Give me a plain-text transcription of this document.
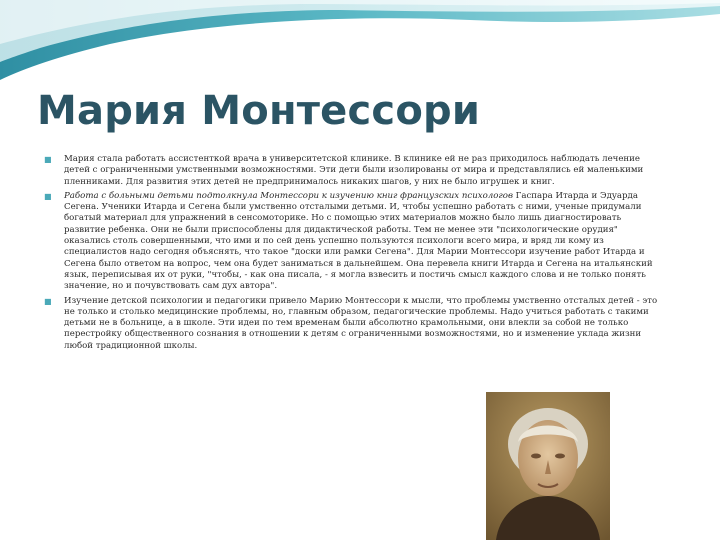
Мария Монтессори
■ Мария стала работать ассистенткой врача в университетской клинике. В клинике ей не раз приходилось наблюдать лечение детей с ограниченными умственными возможностями. Эти дети были изолированы от мира и представлялись ей маленькими пленниками. Для развития этих детей не предпринималось никаких шагов, у них не было игрушек и книг.
■ Работа с больными детьми подтолкнула Монтессори к изучению книг французских психологов Гаспара Итарда и Эдуарда Сегена. Ученики Итарда и Сегена были умственно отсталыми детьми. И, чтобы успешно работать с ними, ученые придумали богатый материал для упражнений в сенсомоторике. Но с помощью этих материалов можно было лишь диагностировать развитие ребенка. Они не были приспособлены для дидактической работы. Тем не менее эти "психологические орудия" оказались столь совершенными, что ими и по сей день успешно пользуются психологи всего мира, и вряд ли кому из специалистов надо сегодня объяснять, что такое "доски или рамки Сегена". Для Марии Монтессори изучение работ Итарда и Сегена было ответом на вопрос, чем она будет заниматься в дальнейшем. Она перевела книги Итарда и Сегена на итальянский язык, переписывая их от руки, "чтобы, - как она писала, - я могла взвесить и постичь смысл каждого слова и не только понять значение, но и почувствовать сам дух автора".
■ Изучение детской психологии и педагогики привело Марию Монтессори к мысли, что проблемы умственно отсталых детей - это не только и столько медицинские проблемы, но, главным образом, педагогические проблемы. Надо учиться работать с такими детьми не в больнице, а в школе. Эти идеи по тем временам были абсолютно крамольными, они влекли за собой не только перестройку общественного сознания в отношении к детям с ограниченными возможностями, но и изменение уклада жизни любой традиционной школы.
